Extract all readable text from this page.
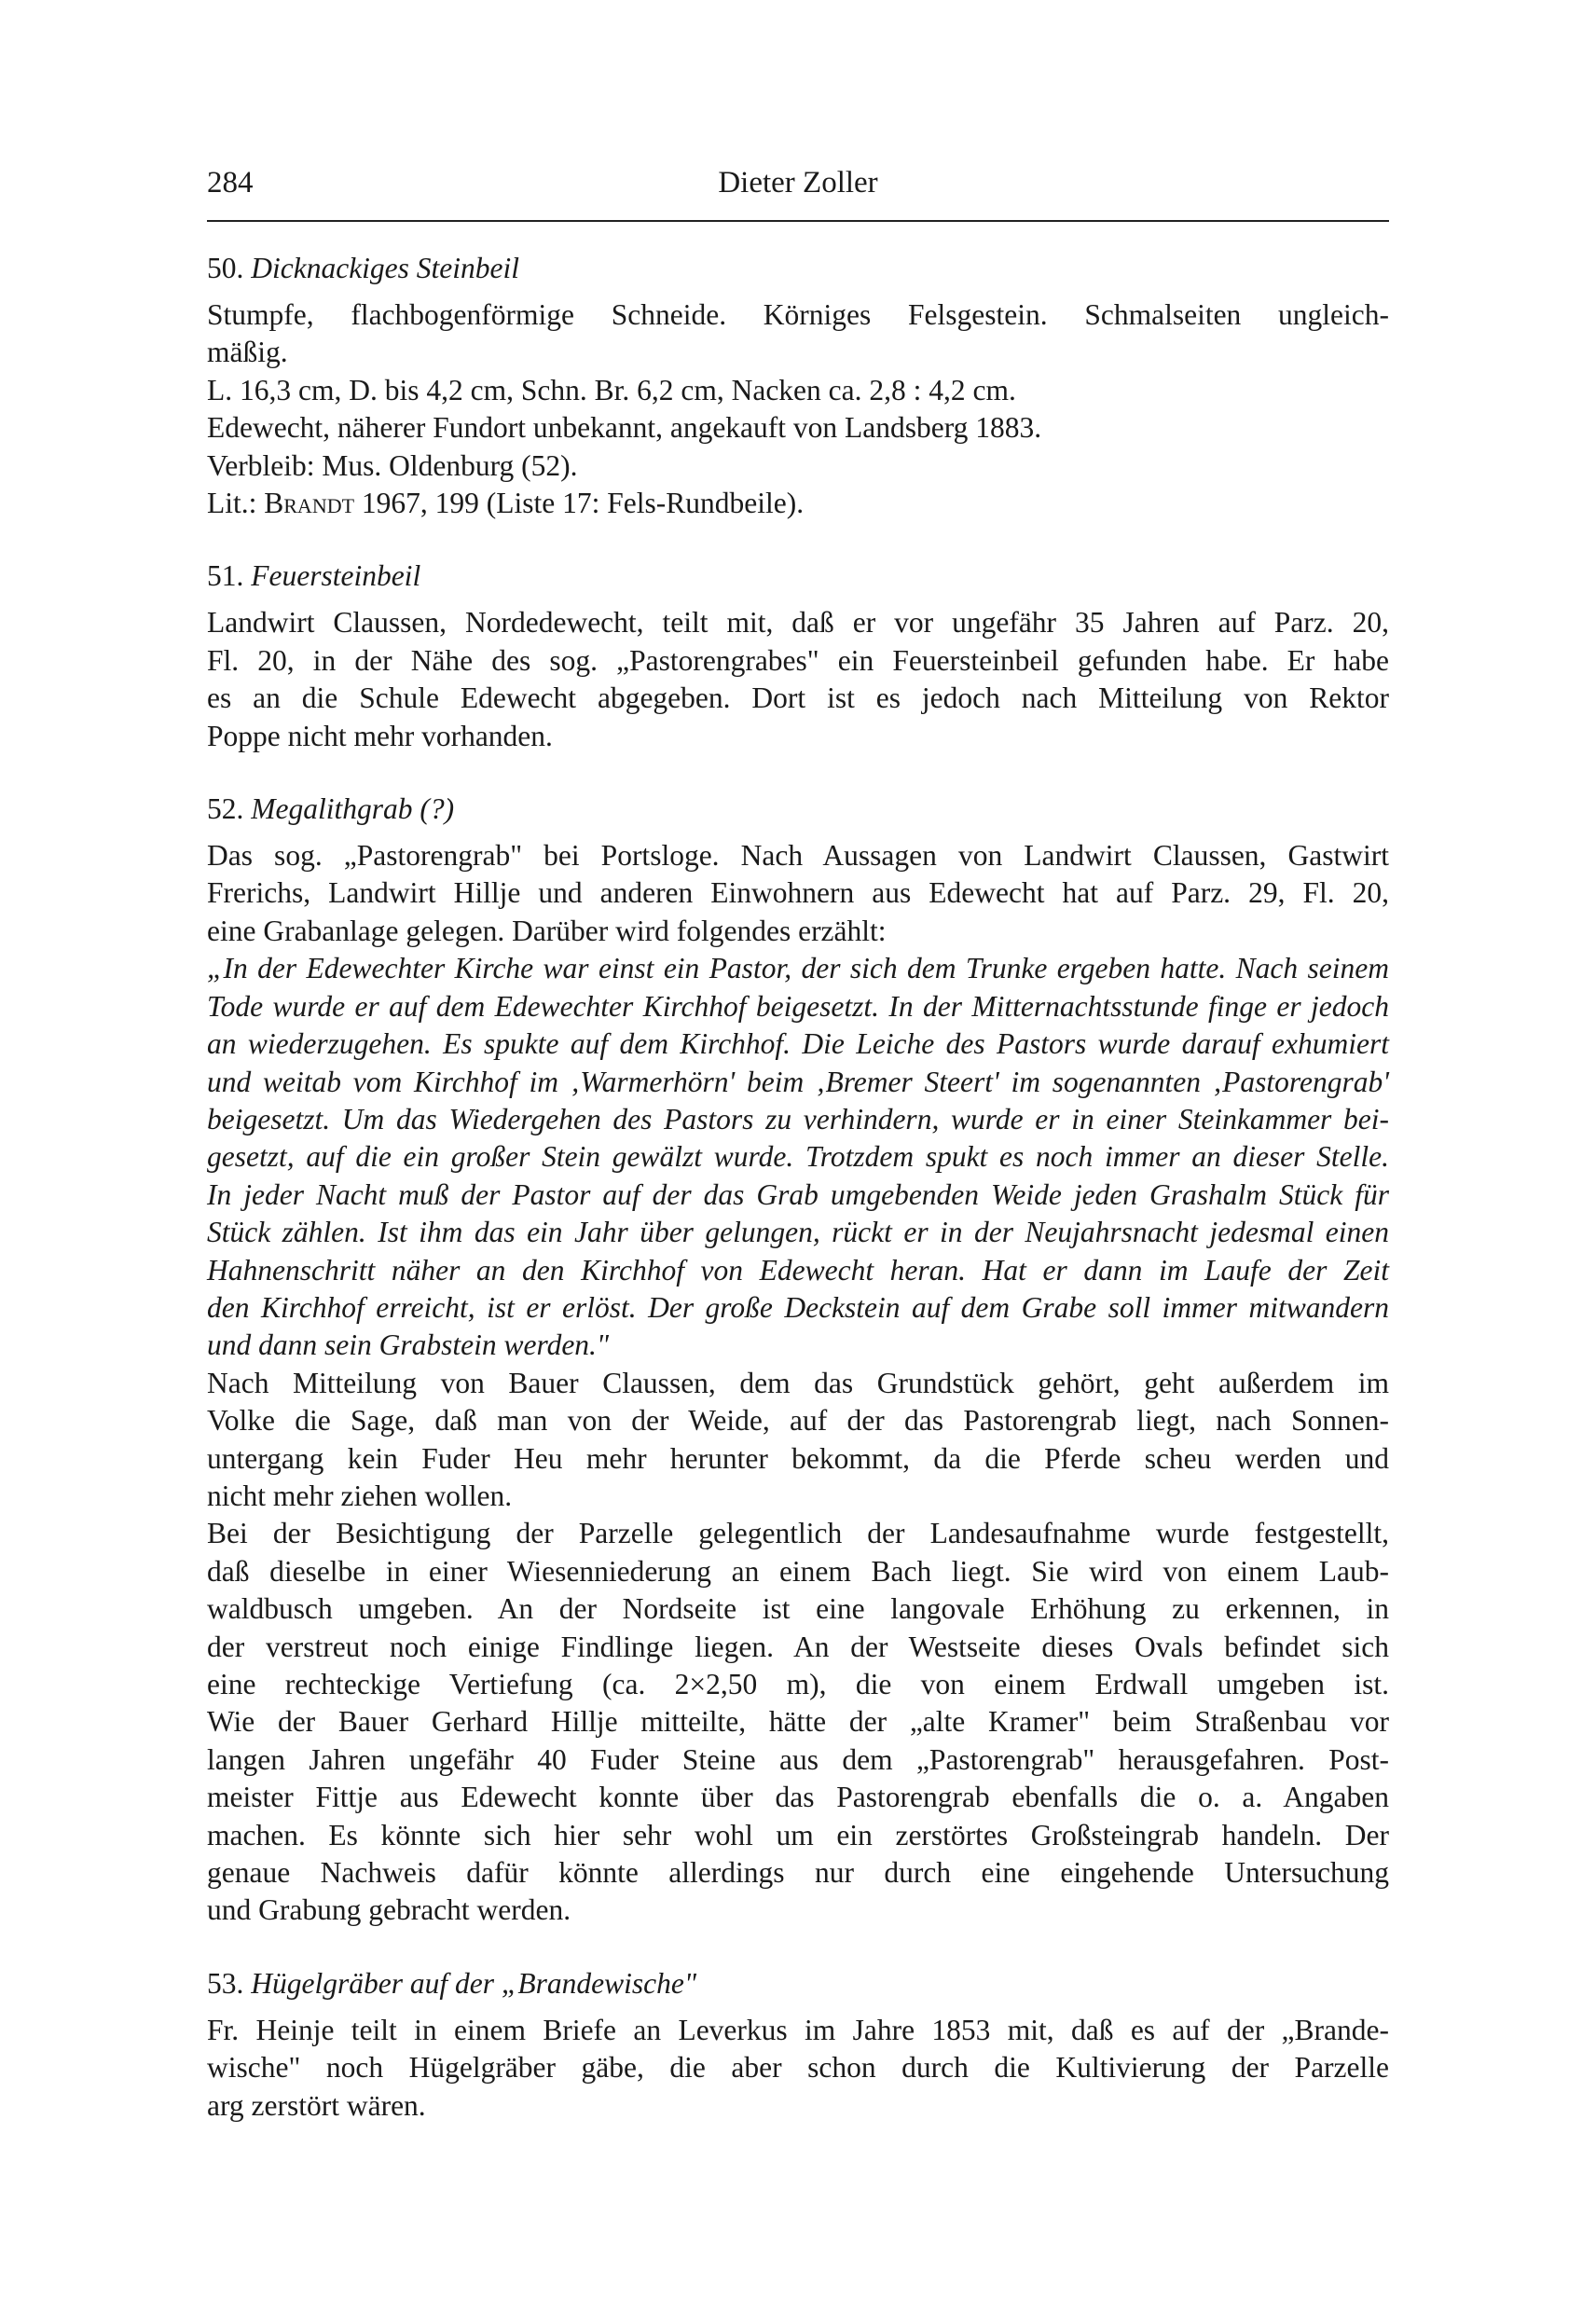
284	Dieter Zoller
50. Dicknackiges Steinbeil

Stumpfe, flachbogenförmige Schneide. Körniges Felsgestein. Schmalseiten ungleich-
mäßig.
L. 16,3 cm, D. bis 4,2 cm, Schn. Br. 6,2 cm, Nacken ca. 2,8 : 4,2 cm.
Edewecht, näherer Fundort unbekannt, angekauft von Landsberg 1883.
Verbleib: Mus. Oldenburg (52).
Lit.: Brandt 1967, 199 (Liste 17: Fels-Rundbeile).

51. Feuersteinbeil

Landwirt Claussen, Nordedewecht, teilt mit, daß er vor ungefähr 35 Jahren auf Parz. 20,
Fl. 20, in der Nähe des sog. „Pastorengrabes" ein Feuersteinbeil gefunden habe. Er habe
es an die Schule Edewecht abgegeben. Dort ist es jedoch nach Mitteilung von Rektor
Poppe nicht mehr vorhanden.

52. Megalithgrab (?)

Das sog. „Pastorengrab" bei Portsloge. Nach Aussagen von Landwirt Claussen, Gastwirt
Frerichs, Landwirt Hillje und anderen Einwohnern aus Edewecht hat auf Parz. 29, Fl. 20,
eine Grabanlage gelegen. Darüber wird folgendes erzählt:

„In der Edewechter Kirche war einst ein Pastor, der sich dem Trunke ergeben hatte. Nach seinem
Tode wurde er auf dem Edewechter Kirchhof beigesetzt. In der Mitternachtsstunde finge er jedoch
an wiederzugehen. Es spukte auf dem Kirchhof. Die Leiche des Pastors wurde darauf exhumiert
und weitab vom Kirchhof im ‚Warmerhörn' beim ‚Bremer Steert' im sogenannten ‚Pastorengrab'
beigesetzt. Um das Wiedergehen des Pastors zu verhindern, wurde er in einer Steinkammer bei-
gesetzt, auf die ein großer Stein gewälzt wurde. Trotzdem spukt es noch immer an dieser Stelle.
In jeder Nacht muß der Pastor auf der das Grab umgebenden Weide jeden Grashalm Stück für
Stück zählen. Ist ihm das ein Jahr über gelungen, rückt er in der Neujahrsnacht jedesmal einen
Hahnenschritt näher an den Kirchhof von Edewecht heran. Hat er dann im Laufe der Zeit
den Kirchhof erreicht, ist er erlöst. Der große Deckstein auf dem Grabe soll immer mitwandern
und dann sein Grabstein werden."

Nach Mitteilung von Bauer Claussen, dem das Grundstück gehört, geht außerdem im
Volke die Sage, daß man von der Weide, auf der das Pastorengrab liegt, nach Sonnen-
untergang kein Fuder Heu mehr herunter bekommt, da die Pferde scheu werden und
nicht mehr ziehen wollen.

Bei der Besichtigung der Parzelle gelegentlich der Landesaufnahme wurde festgestellt,
daß dieselbe in einer Wiesenniederung an einem Bach liegt. Sie wird von einem Laub-
waldbusch umgeben. An der Nordseite ist eine langovale Erhöhung zu erkennen, in
der verstreut noch einige Findlinge liegen. An der Westseite dieses Ovals befindet sich
eine rechteckige Vertiefung (ca. 2×2,50 m), die von einem Erdwall umgeben ist.
Wie der Bauer Gerhard Hillje mitteilte, hätte der „alte Kramer" beim Straßenbau vor
langen Jahren ungefähr 40 Fuder Steine aus dem „Pastorengrab" herausgefahren. Post-
meister Fittje aus Edewecht konnte über das Pastorengrab ebenfalls die o. a. Angaben
machen. Es könnte sich hier sehr wohl um ein zerstörtes Großsteingrab handeln. Der
genaue Nachweis dafür könnte allerdings nur durch eine eingehende Untersuchung
und Grabung gebracht werden.

53. Hügelgräber auf der „Brandewische"

Fr. Heinje teilt in einem Briefe an Leverkus im Jahre 1853 mit, daß es auf der „Brande-
wische" noch Hügelgräber gäbe, die aber schon durch die Kultivierung der Parzelle
arg zerstört wären.
